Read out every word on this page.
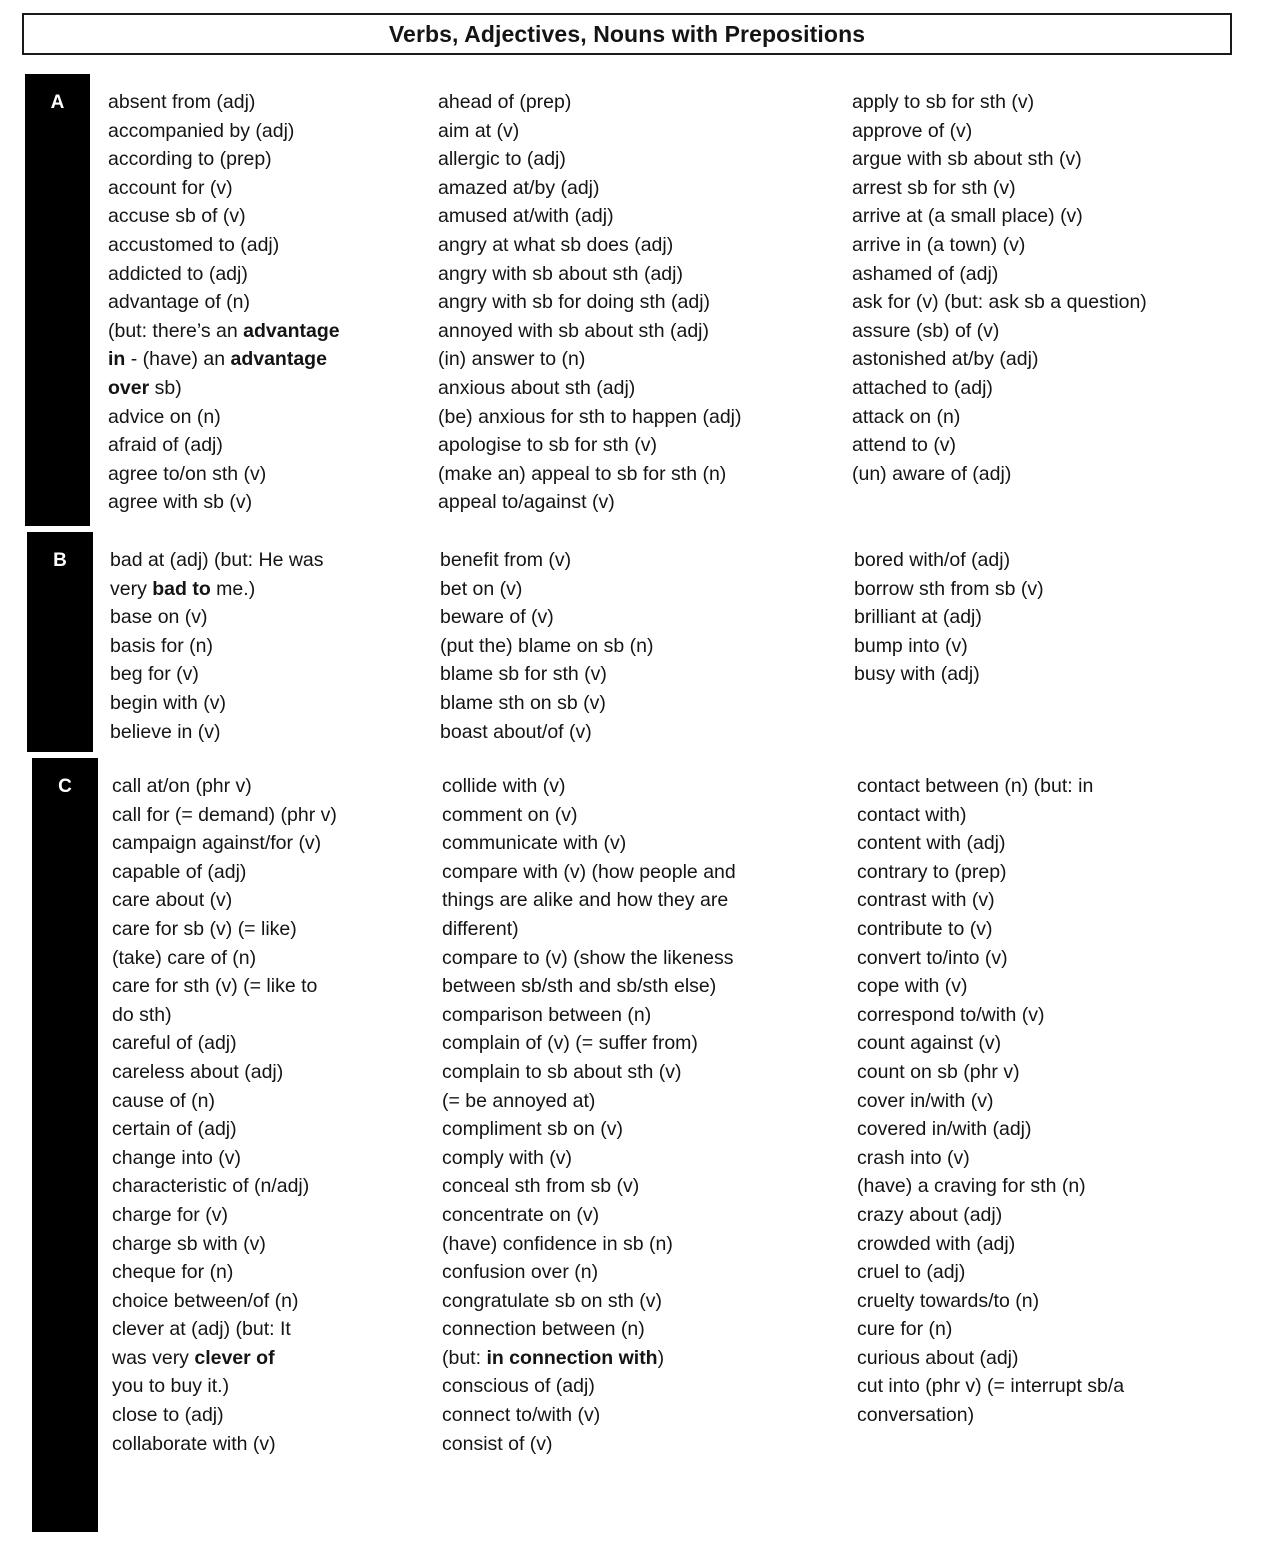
Verbs, Adjectives, Nouns with Prepositions
A	absent from (adj)
accompanied by (adj)
according to (prep)
account for (v)
accuse sb of (v)
accustomed to (adj)
addicted to (adj)
advantage of (n)
(but: there’s an advantage
in - (have) an advantage
over sb)
advice on (n)
afraid of (adj)
agree to/on sth (v)
agree with sb (v)
ahead of (prep)
aim at (v)
allergic to (adj)
amazed at/by (adj)
amused at/with (adj)
angry at what sb does (adj)
angry with sb about sth (adj)
angry with sb for doing sth (adj)
annoyed with sb about sth (adj)
(in) answer to (n)
anxious about sth (adj)
(be) anxious for sth to happen (adj)
apologise to sb for sth (v)
(make an) appeal to sb for sth (n)
appeal to/against (v)
apply to sb for sth (v)
approve of (v)
argue with sb about sth (v)
arrest sb for sth (v)
arrive at (a small place) (v)
arrive in (a town) (v)
ashamed of (adj)
ask for (v) (but: ask sb a question)
assure (sb) of (v)
astonished at/by (adj)
attached to (adj)
attack on (n)
attend to (v)
(un) aware of (adj)
B	bad at (adj) (but: He was
very bad to me.)
base on (v)
basis for (n)
beg for (v)
begin with (v)
believe in (v)
benefit from (v)
bet on (v)
beware of (v)
(put the) blame on sb (n)
blame sb for sth (v)
blame sth on sb (v)
boast about/of (v)
bored with/of (adj)
borrow sth from sb (v)
brilliant at (adj)
bump into (v)
busy with (adj)
C	call at/on (phr v)
call for (= demand) (phr v)
campaign against/for (v)
capable of (adj)
care about (v)
care for sb (v) (= like)
(take) care of (n)
care for sth (v) (= like to
do sth)
careful of (adj)
careless about (adj)
cause of (n)
certain of (adj)
change into (v)
characteristic of (n/adj)
charge for (v)
charge sb with (v)
cheque for (n)
choice between/of (n)
clever at (adj) (but: It
was very clever of
you to buy it.)
close to (adj)
collaborate with (v)
collide with (v)
comment on (v)
communicate with (v)
compare with (v) (how people and
things are alike and how they are
different)
compare to (v) (show the likeness
between sb/sth and sb/sth else)
comparison between (n)
complain of (v) (= suffer from)
complain to sb about sth (v)
(= be annoyed at)
compliment sb on (v)
comply with (v)
conceal sth from sb (v)
concentrate on (v)
(have) confidence in sb (n)
confusion over (n)
congratulate sb on sth (v)
connection between (n)
(but: in connection with)
conscious of (adj)
connect to/with (v)
consist of (v)
contact between (n) (but: in
contact with)
content with (adj)
contrary to (prep)
contrast with (v)
contribute to (v)
convert to/into (v)
cope with (v)
correspond to/with (v)
count against (v)
count on sb (phr v)
cover in/with (v)
covered in/with (adj)
crash into (v)
(have) a craving for sth (n)
crazy about (adj)
crowded with (adj)
cruel to (adj)
cruelty towards/to (n)
cure for (n)
curious about (adj)
cut into (phr v) (= interrupt sb/a
conversation)
